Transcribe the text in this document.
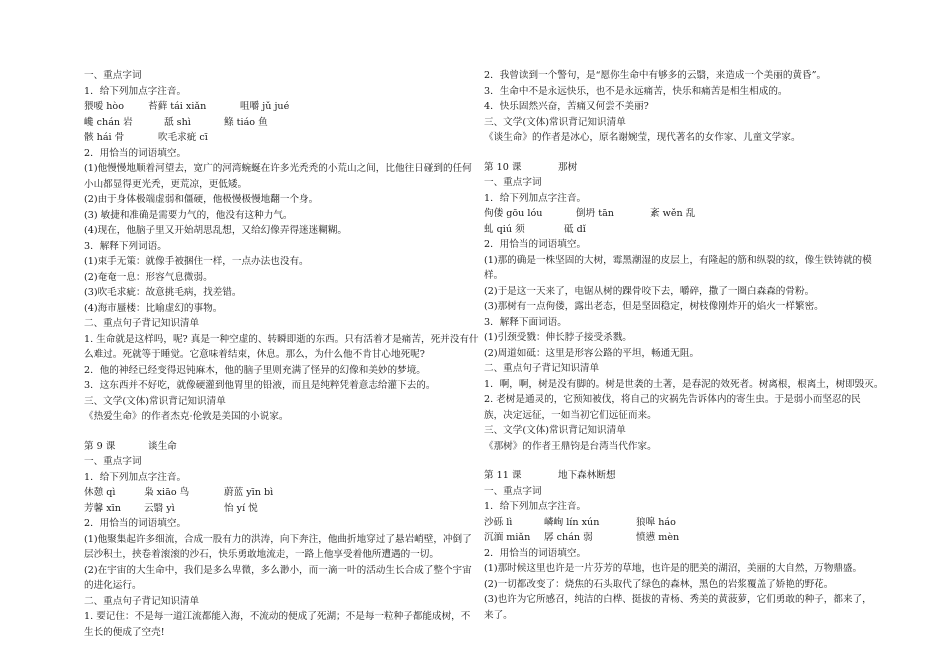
一、重点字词
1．给下列加点字注音。
猥嗳 hòo	苔藓 tái xiǎn	咀嚼 jǔ jué
巉 chán 岩	舐 shì	鲦 tiáo 鱼
骸 hái 骨	吹毛求疵 cī
2．用恰当的词语填空。
(1)他慢慢地顺着河望去，宽广的河湾蜿蜒在许多光秃秃的小荒山之间，比他往日碰到的任何小山都显得更光秃，更荒凉，更低矮。
(2)由于身体极端虚弱和僵硬，他极慢极慢地翻一个身。
(3) 敏捷和准确是需要力气的，他没有这种力气。
(4)现在，他脑子里又开始胡思乱想，又给幻像弄得迷迷糊糊。
3．解释下列词语。
(1)束手无策：就像手被捆住一样，一点办法也没有。
(2)奄奄一息：形容气息微弱。
(3)吹毛求疵：故意挑毛病，找差错。
(4)海市蜃楼：比喻虚幻的事物。
二、重点句子背记知识清单
1. 生命就是这样吗，呢? 真是一种空虚的、转瞬即逝的东西。只有活着才是痛苦，死并没有什么难过。死就等于睡觉。它意味着结束，休息。那么，为什么他不肯甘心地死呢?
2．他的神经已经变得迟钝麻木，他的脑子里则充满了怪异的幻像和美妙的梦境。
3．这东西并不好吃，就像硬灌到他胃里的铅液，而且是纯粹凭着意志给灌下去的。
三、文学(文体)常识背记知识清单
《热爱生命》的作者杰克·伦敦是美国的小说家。
第 9 课	谈生命
一、重点字词
1．给下列加点字注音。
休憩 qì	枭 xiāo 鸟	蔚蓝 yīn bì
芳馨 xīn 云翳 yì	怡 yí 悦
2．用恰当的词语填空。
(1)他聚集起许多细流，合成一股有力的洪涛，向下奔注，他曲折地穿过了悬岩峭壁，冲倒了层沙积土，挟卷着滚滚的沙石，快乐勇敢地流走，一路上他享受着他所遭遇的一切。
(2)在宇宙的大生命中，我们是多么卑微，多么渺小，而一滴一叶的活动生长合成了整个宇宙的进化运行。
二、重点句子背记知识清单
1. 要记住：不是每一道江流都能入海，不流动的便成了死湖；不是每一粒种子都能成树，不生长的便成了空壳!
2．我曾读到一个警句，是“愿你生命中有够多的云翳，来造成一个美丽的黄昏”。
3．生命中不是永远快乐，也不是永远痛苦，快乐和痛苦是相生相成的。
4．快乐固然兴奋，苦痛又何尝不美丽?
三、文学(文体)常识背记知识清单
《谈生命》的作者是冰心，原名谢婉莹，现代著名的女作家、儿童文学家。
第 10 课	那树
一、重点字词
1．给下列加点字注音。
佝偻 gōu lóu	倒坍 tān	紊 wěn 乱
虬 qiú 须	砥 dǐ
2．用恰当的词语填空。
(1)那的确是一株坚固的大树，霉黑潮湿的皮层上，有隆起的筋和纵裂的纹，像生铁铸就的模样。
(2)于是这一天来了，电锯从树的踝骨咬下去，嚼碎，撒了一圈白森森的骨粉。
(3)那树有一点佝偻，露出老态，但是坚固稳定，树枝像刚炸开的焰火一样繁密。
3．解释下面词语。
(1)引颈受戮：伸长脖子接受杀戮。
(2)周道如砥：这里是形容公路的平坦，畅通无阻。
二、重点句子背记知识清单
1．啊，啊，树是没有脚的。树是世袭的土著，是春泥的效死者。树离根，根离土，树即毁灭。
2. 老树是通灵的，它预知被伐，将自己的灾祸先告诉体内的寄生虫。于是弱小而坚忍的民族，决定远征，一如当初它们远征而来。
三、文学(文体)常识背记知识清单
《那树》的作者王鼎钧是台湾当代作家。
第 11 课	地下森林断想
一、重点字词
1．给下列加点字注音。
沙砾 lì	嶙峋 lín xún	狼嗥 háo
沉湎 miǎn 孱 chán 弱	愤懑 mèn
2．用恰当的词语填空。
(1)那时候这里也许是一片芬芳的草地，也许是的肥美的湖沼，美丽的大自然，万物鼎盛。
(2)一切都改变了：烧焦的石头取代了绿色的森林，黑色的岩浆覆盖了娇艳的野花。
(3)也许为它所感召，纯洁的白桦、挺拔的青杨、秀美的黄菠萝，它们勇敢的种子，都来了，来了。
